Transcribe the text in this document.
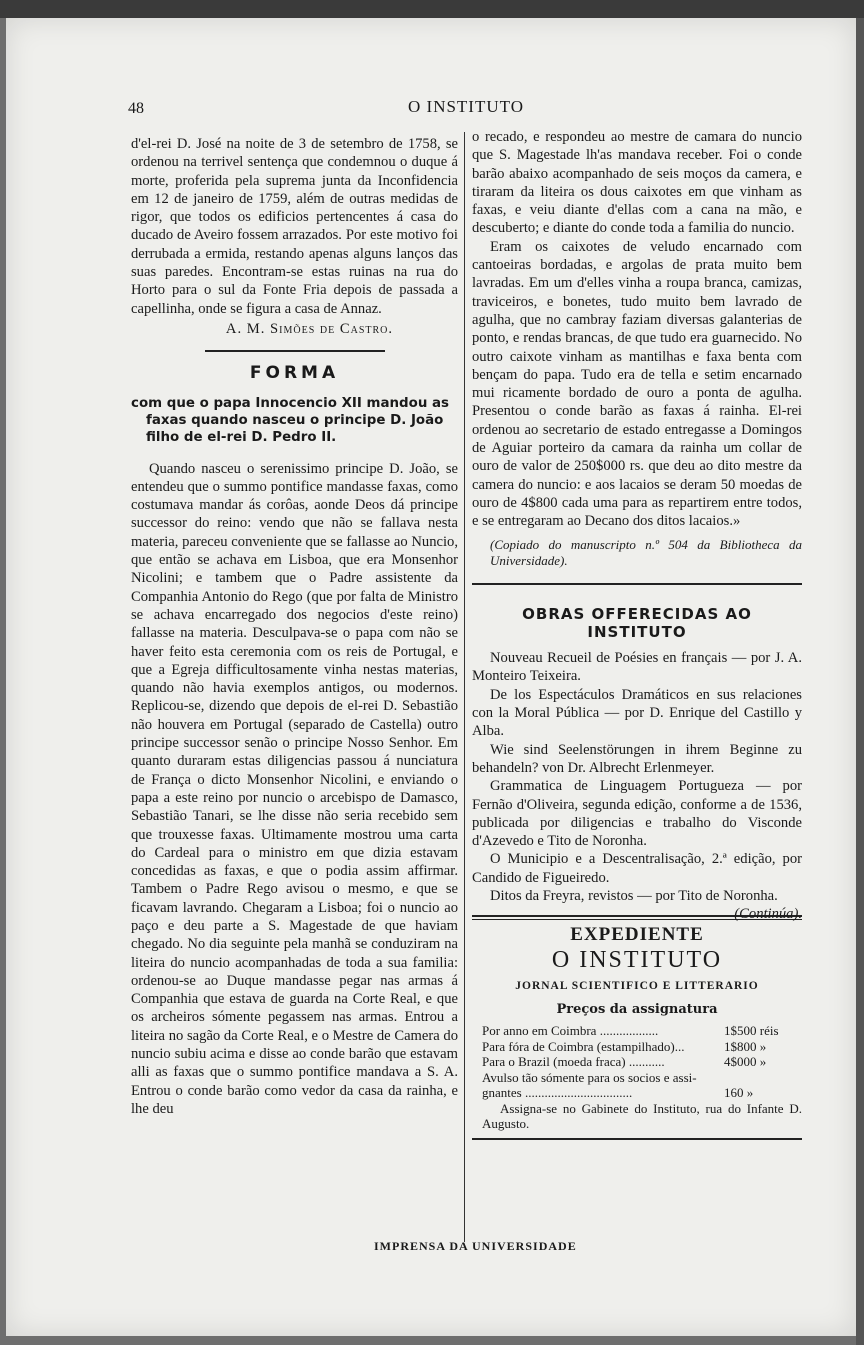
48	O INSTITUTO

d'el-rei D. José na noite de 3 de setembro de 1758, se ordenou na terrivel sentença que condemnou o duque á morte, proferida pela suprema junta da Inconfidencia em 12 de janeiro de 1759, além de outras medidas de rigor, que todos os edificios pertencentes á casa do ducado de Aveiro fossem arrazados. Por este motivo foi derrubada a ermida, restando apenas alguns lanços das suas paredes. Encontram-se estas ruinas na rua do Horto para o sul da Fonte Fria depois de passada a capellinha, onde se figura a casa de Annaz.

A. M. Simões de Castro.

FORMA
com que o papa Innocencio XII mandou as faxas quando nasceu o principe D. João filho de el-rei D. Pedro II.

Quando nasceu o serenissimo principe D. João, se entendeu que o summo pontifice mandasse faxas, como costumava mandar ás corôas, aonde Deos dá principe successor do reino: vendo que não se fallava nesta materia, pareceu conveniente que se fallasse ao Nuncio, que então se achava em Lisboa, que era Monsenhor Nicolini; e tambem que o Padre assistente da Companhia Antonio do Rego (que por falta de Ministro se achava encarregado dos negocios d'este reino) fallasse na materia. Desculpava-se o papa com não se haver feito esta ceremonia com os reis de Portugal, e que a Egreja difficultosamente vinha nestas materias, quando não havia exemplos antigos, ou modernos. Replicou-se, dizendo que depois de el-rei D. Sebastião não houvera em Portugal (separado de Castella) outro principe successor senão o principe Nosso Senhor. Em quanto duraram estas diligencias passou á nunciatura de França o dicto Monsenhor Nicolini, e enviando o papa a este reino por nuncio o arcebispo de Damasco, Sebastião Tanari, se lhe disse não seria recebido sem que trouxesse faxas. Ultimamente mostrou uma carta do Cardeal para o ministro em que dizia estavam concedidas as faxas, e que o podia assim affirmar. Tambem o Padre Rego avisou o mesmo, e que se ficavam lavrando. Chegaram a Lisboa; foi o nuncio ao paço e deu parte a S. Magestade de que haviam chegado. No dia seguinte pela manhã se conduziram na liteira do nuncio acompanhadas de toda a sua familia: ordenou-se ao Duque mandasse pegar nas armas á Companhia que estava de guarda na Corte Real, e que os archeiros sómente pegassem nas armas. Entrou a liteira no sagão da Corte Real, e o Mestre de Camera do nuncio subiu acima e disse ao conde barão que estavam alli as faxas que o summo pontifice mandava a S. A. Entrou o conde barão como vedor da casa da rainha, e lhe deu

o recado, e respondeu ao mestre de camara do nuncio que S. Magestade lh'as mandava receber. Foi o conde barão abaixo acompanhado de seis moços da camera, e tiraram da liteira os dous caixotes em que vinham as faxas, e veiu diante d'ellas com a cana na mão, e descuberto; e diante do conde toda a familia do nuncio.

Eram os caixotes de veludo encarnado com cantoeiras bordadas, e argolas de prata muito bem lavradas. Em um d'elles vinha a roupa branca, camizas, traviceiros, e bonetes, tudo muito bem lavrado de agulha, que no cambray faziam diversas galanterias de ponto, e rendas brancas, de que tudo era guarnecido. No outro caixote vinham as mantilhas e faxa benta com bençam do papa. Tudo era de tella e setim encarnado mui ricamente bordado de ouro a ponta de agulha. Presentou o conde barão as faxas á rainha. El-rei ordenou ao secretario de estado entregasse a Domingos de Aguiar porteiro da camara da rainha um collar de ouro de valor de 250$000 rs. que deu ao dito mestre da camera do nuncio: e aos lacaios se deram 50 moedas de ouro de 4$800 cada uma para as repartirem entre todos, e se entregaram ao Decano dos ditos lacaios.»

(Copiado do manuscripto n.º 504 da Bibliotheca da Universidade).

OBRAS OFFERECIDAS AO INSTITUTO

Nouveau Recueil de Poésies en français — por J. A. Monteiro Teixeira.

De los Espectáculos Dramáticos en sus relaciones con la Moral Pública — por D. Enrique del Castillo y Alba.

Wie sind Seelenstörungen in ihrem Beginne zu behandeln? von Dr. Albrecht Erlenmeyer.

Grammatica de Linguagem Portugueza — por Fernão d'Oliveira, segunda edição, conforme a de 1536, publicada por diligencias e trabalho do Visconde d'Azevedo e Tito de Noronha.

O Municipio e a Descentralisação, 2.ª edição, por Candido de Figueiredo.

Ditos da Freyra, revistos — por Tito de Noronha.
(Continúa).

EXPEDIENTE
O INSTITUTO
JORNAL SCIENTIFICO E LITTERARIO
Preços da assignatura
Por anno em Coimbra ..................	1$500 réis
Para fóra de Coimbra (estampilhado)...	1$800 »
Para o Brazil (moeda fraca) ...........	4$000 »
Avulso tão sómente para os socios e assi-
gnantes .................................	160 »

Assigna-se no Gabinete do Instituto, rua do Infante D. Augusto.

IMPRENSA DA UNIVERSIDADE
